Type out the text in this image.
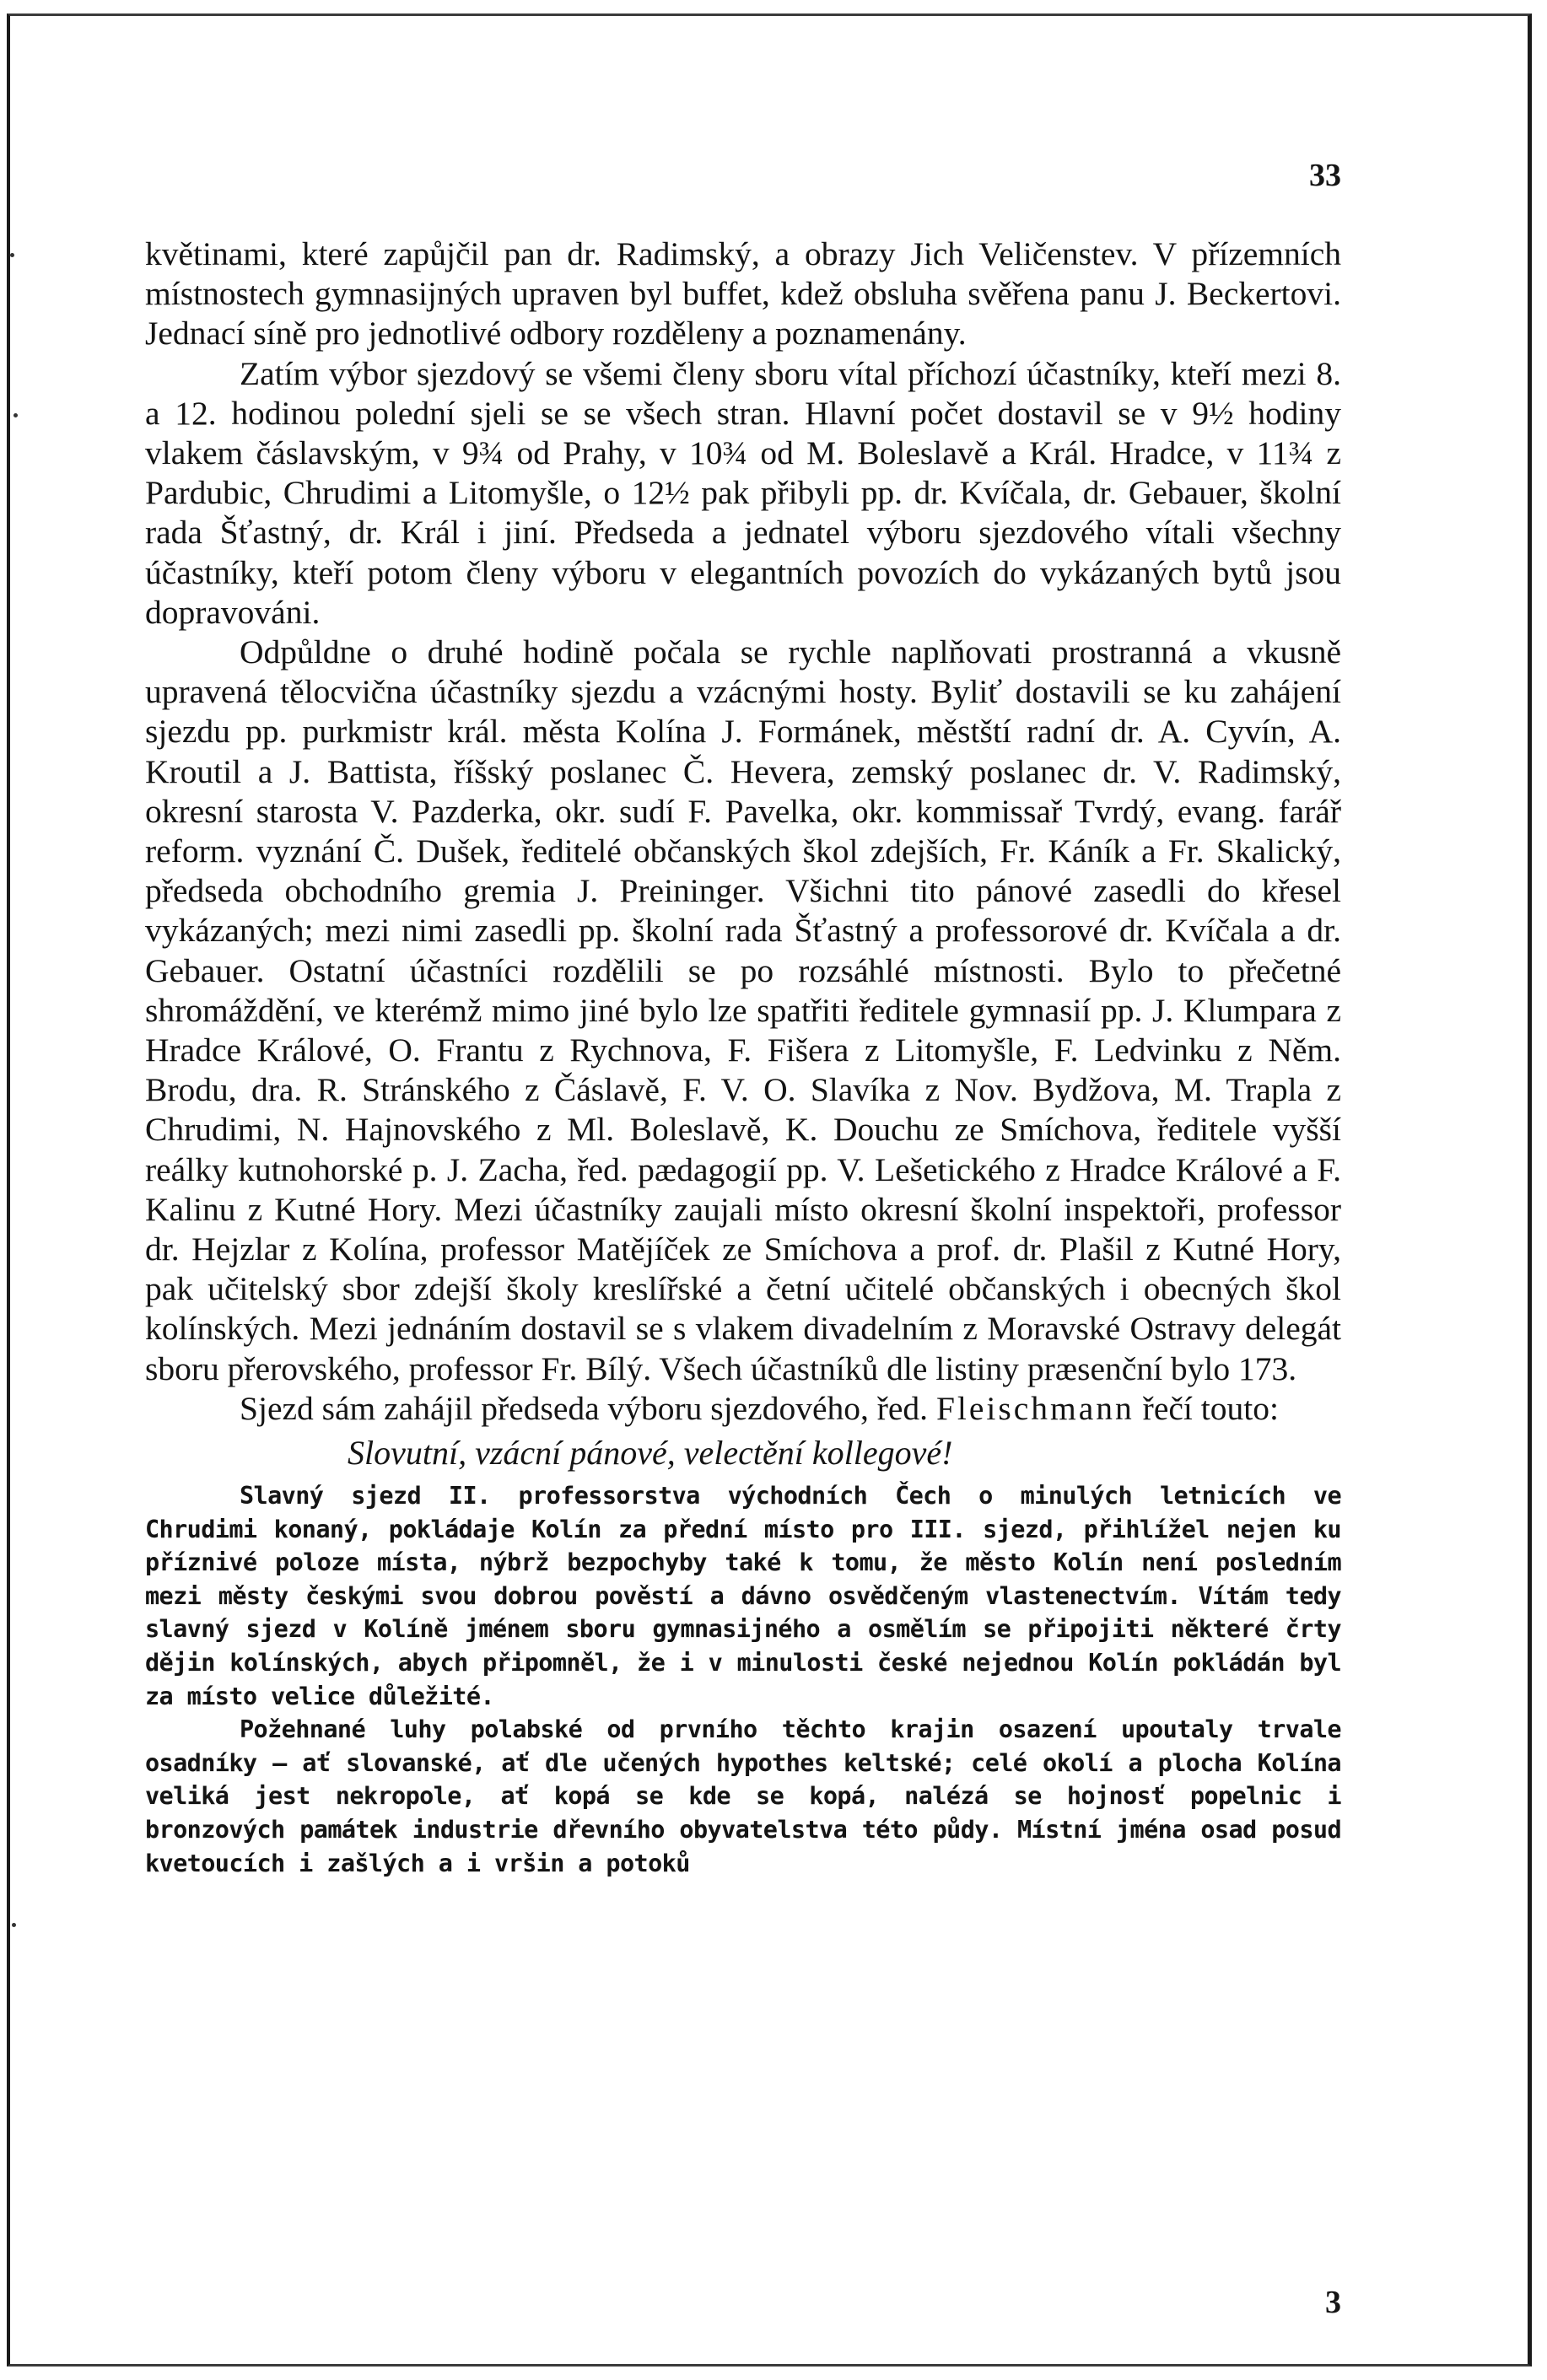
33

květinami, které zapůjčil pan dr. Radimský, a obrazy Jich Veličenstev. V přízemních místnostech gymnasijných upraven byl buffet, kdež obsluha svěřena panu J. Beckertovi. Jednací síně pro jednotlivé odbory rozděleny a poznamenány.

Zatím výbor sjezdový se všemi členy sboru vítal příchozí účastníky, kteří mezi 8. a 12. hodinou polední sjeli se se všech stran. Hlavní počet dostavil se v 9½ hodiny vlakem čáslavským, v 9¾ od Prahy, v 10¾ od M. Boleslavě a Král. Hradce, v 11¾ z Pardubic, Chrudimi a Litomyšle, o 12½ pak přibyli pp. dr. Kvíčala, dr. Gebauer, školní rada Šťastný, dr. Král i jiní. Předseda a jednatel výboru sjezdového vítali všechny účastníky, kteří potom členy výboru v elegantních povozích do vykázaných bytů jsou dopravováni.

Odpůldne o druhé hodině počala se rychle naplňovati prostranná a vkusně upravená tělocvična účastníky sjezdu a vzácnými hosty. Byliť dostavili se ku zahájení sjezdu pp. purkmistr král. města Kolína J. Formánek, městští radní dr. A. Cyvín, A. Kroutil a J. Battista, říšský poslanec Č. Hevera, zemský poslanec dr. V. Radimský, okresní starosta V. Pazderka, okr. sudí F. Pavelka, okr. kommissař Tvrdý, evang. farář reform. vyznání Č. Dušek, ředitelé občanských škol zdejších, Fr. Káník a Fr. Skalický, předseda obchodního gremia J. Preininger. Všichni tito pánové zasedli do křesel vykázaných; mezi nimi zasedli pp. školní rada Šťastný a professorové dr. Kvíčala a dr. Gebauer. Ostatní účastníci rozdělili se po rozsáhlé místnosti. Bylo to přečetné shromáždění, ve kterémž mimo jiné bylo lze spatřiti ředitele gymnasií pp. J. Klumpara z Hradce Králové, O. Frantu z Rychnova, F. Fišera z Litomyšle, F. Ledvinku z Něm. Brodu, dra. R. Stránského z Čáslavě, F. V. O. Slavíka z Nov. Bydžova, M. Trapla z Chrudimi, N. Hajnovského z Ml. Boleslavě, K. Douchu ze Smíchova, ředitele vyšší reálky kutnohorské p. J. Zacha, řed. pædagogií pp. V. Lešetického z Hradce Králové a F. Kalinu z Kutné Hory. Mezi účastníky zaujali místo okresní školní inspektoři, professor dr. Hejzlar z Kolína, professor Matějíček ze Smíchova a prof. dr. Plašil z Kutné Hory, pak učitelský sbor zdejší školy kreslířské a četní učitelé občanských i obecných škol kolínských. Mezi jednáním dostavil se s vlakem divadelním z Moravské Ostravy delegát sboru přerovského, professor Fr. Bílý. Všech účastníků dle listiny præsenční bylo 173.

Sjezd sám zahájil předseda výboru sjezdového, řed. Fleischmann řečí touto:

Slovutní, vzácní pánové, velectění kollegové!

Slavný sjezd II. professorstva východních Čech o minulých letnicích ve Chrudimi konaný, pokládaje Kolín za přední místo pro III. sjezd, přihlížel nejen ku příznivé poloze místa, nýbrž bezpochyby také k tomu, že město Kolín není posledním mezi městy českými svou dobrou pověstí a dávno osvědčeným vlastenectvím. Vítám tedy slavný sjezd v Kolíně jménem sboru gymnasijného a osmělím se připojiti některé črty dějin kolínských, abych připomněl, že i v minulosti české nejednou Kolín pokládán byl za místo velice důležité.

Požehnané luhy polabské od prvního těchto krajin osazení upoutaly trvale osadníky — ať slovanské, ať dle učených hypothes keltské; celé okolí a plocha Kolína veliká jest nekropole, ať kopá se kde se kopá, nalézá se hojnosť popelnic i bronzových památek industrie dřevního obyvatelstva této půdy. Místní jména osad posud kvetoucích i zašlých a i vršin a potoků

3
